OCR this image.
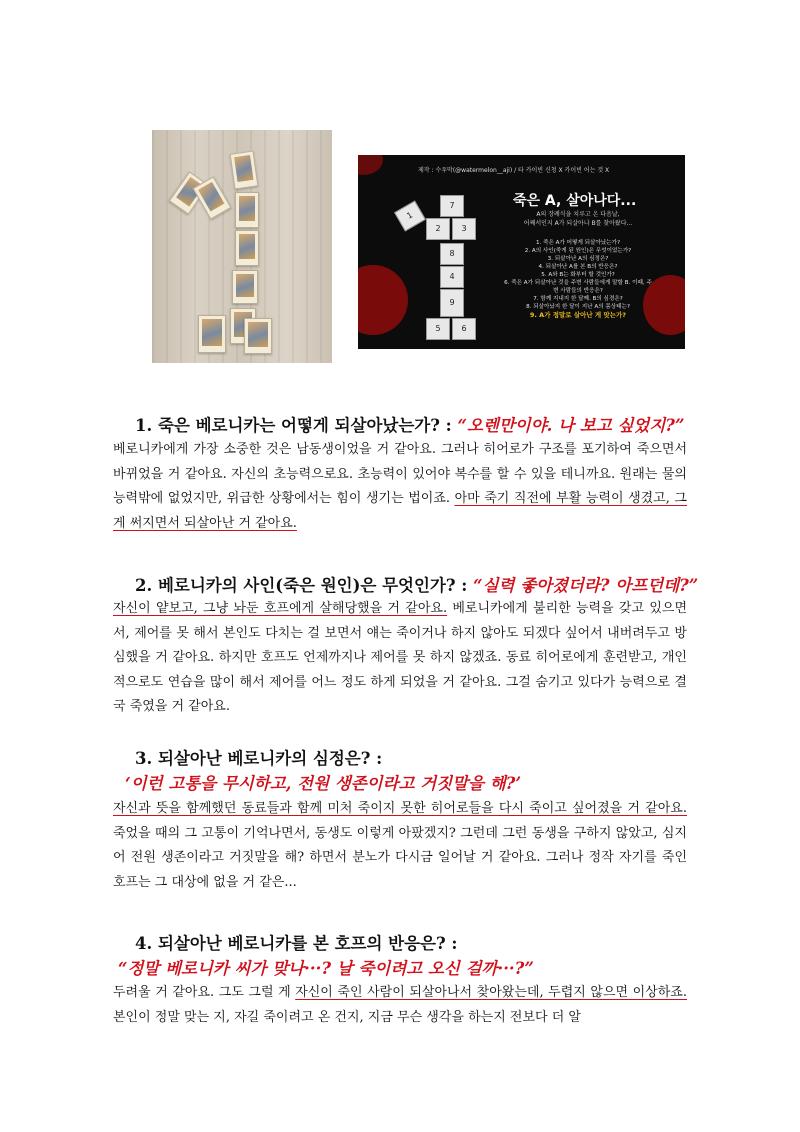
제작 : 수우막(@watermelon__aji) / 타 카이빈 신청 X 카이빈 어는 것 X
1
7
2	3
8
4
9
5	6
죽은 A, 살아나다...
A의 장례식을 치루고 온 다음날,
어째서인지 A가 되살아나 B를 찾아왔다...
1. 죽은 A가 어떻게 되살아났는가?
2. A의 사인(죽게 된 원인)은 무엇이었는가?
3. 되살아난 A의 심정은?
4. 되살아난 A를 본 B의 반응은?
5. A와 B는 화부터 할 것인가?
6. 죽은 A가 되살아난 것을 주변 사람들에게 말할 B. 이때, 주변 사람들의 반응은?
7. 함께 지내지 한 달째. B의 심경은?
8. 되살아났지 한 달이 지난 A의 몸상태는?
9. A가 정말로 살아난 게 맞는가?
1. 죽은 베로니카는 어떻게 되살아났는가? : “오렌만이야. 나 보고 싶었지?”
베로니카에게 가장 소중한 것은 남동생이었을 거 같아요. 그러나 히어로가 구조를 포기하여 죽으면서 바뀌었을 거 같아요. 자신의 초능력으로요. 초능력이 있어야 복수를 할 수 있을 테니까요. 원래는 물의 능력밖에 없었지만, 위급한 상황에서는 힘이 생기는 법이죠. 아마 죽기 직전에 부활 능력이 생겼고, 그게 써지면서 되살아난 거 같아요.
2. 베로니카의 사인(죽은 원인)은 무엇인가? : “실력 좋아졌더라? 아프던데?”
자신이 얕보고, 그냥 놔둔 호프에게 살해당했을 거 같아요. 베로니카에게 불리한 능력을 갖고 있으면서, 제어를 못 해서 본인도 다치는 걸 보면서 얘는 죽이거나 하지 않아도 되겠다 싶어서 내버려두고 방심했을 거 같아요. 하지만 호프도 언제까지나 제어를 못 하지 않겠죠. 동료 히어로에게 훈련받고, 개인적으로도 연습을 많이 해서 제어를 어느 정도 하게 되었을 거 같아요. 그걸 숨기고 있다가 능력으로 결국 죽였을 거 같아요.
3. 되살아난 베로니카의 심정은? :
‘이런 고통을 무시하고, 전원 생존이라고 거짓말을 해?’
자신과 뜻을 함께했던 동료들과 함께 미처 죽이지 못한 히어로들을 다시 죽이고 싶어졌을 거 같아요. 죽었을 때의 그 고통이 기억나면서, 동생도 이렇게 아팠겠지? 그런데 그런 동생을 구하지 않았고, 심지어 전원 생존이라고 거짓말을 해? 하면서 분노가 다시금 일어날 거 같아요. 그러나 정작 자기를 죽인 호프는 그 대상에 없을 거 같은...
4. 되살아난 베로니카를 본 호프의 반응은? :
“정말 베로니카 씨가 맞나···? 날 죽이려고 오신 걸까···?”
두려울 거 같아요. 그도 그럴 게 자신이 죽인 사람이 되살아나서 찾아왔는데, 두렵지 않으면 이상하죠. 본인이 정말 맞는 지, 자길 죽이려고 온 건지, 지금 무슨 생각을 하는지 전보다 더 알
